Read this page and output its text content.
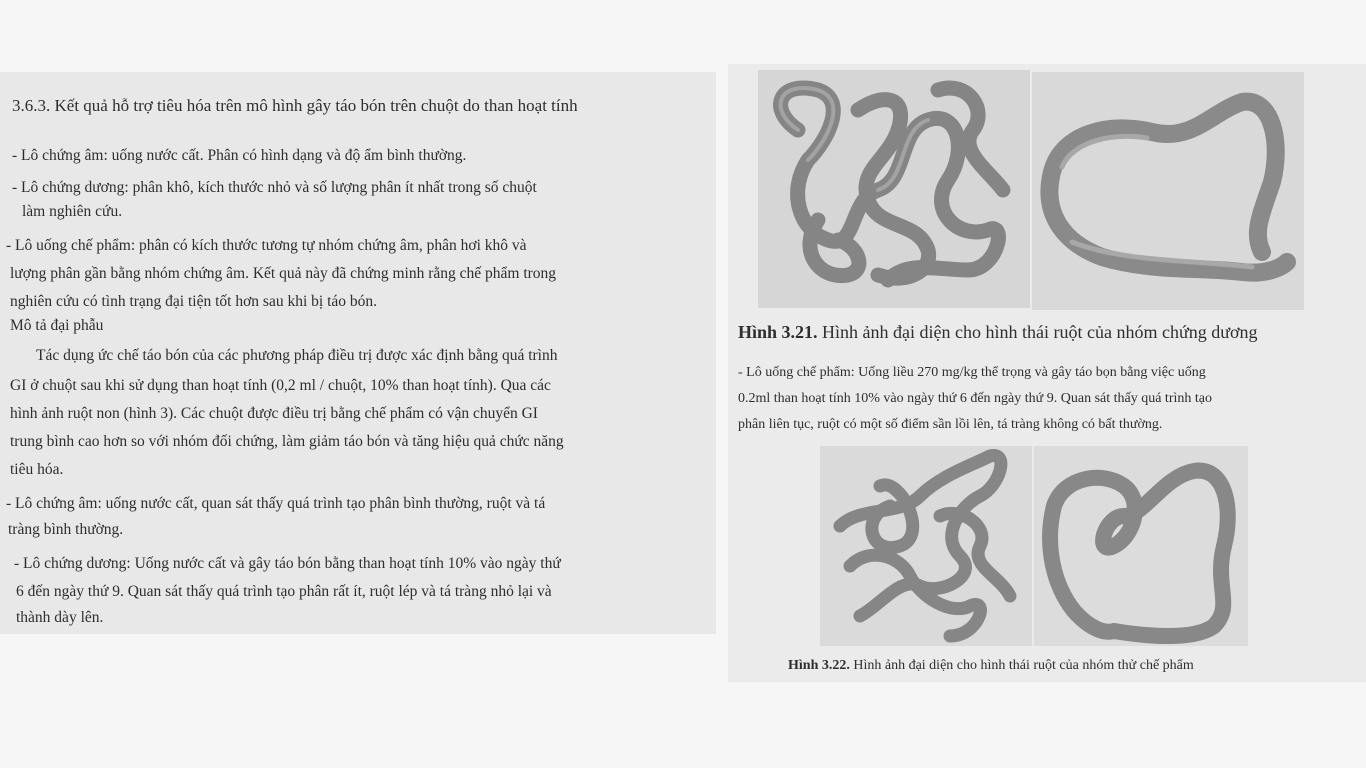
3.6.3. Kết quả hỗ trợ tiêu hóa trên mô hình gây táo bón trên chuột do than hoạt tính
- Lô chứng âm: uống nước cất. Phân có hình dạng và độ ẩm bình thường.
- Lô chứng dương: phân khô, kích thước nhỏ và số lượng phân ít nhất trong số chuột
làm nghiên cứu.
- Lô uống chế phẩm: phân có kích thước tương tự nhóm chứng âm, phân hơi khô và
lượng phân gần bằng nhóm chứng âm. Kết quả này đã chứng minh rằng chế phẩm trong
nghiên cứu có tình trạng đại tiện tốt hơn sau khi bị táo bón.
Mô tả đại phẫu
Tác dụng ức chế táo bón của các phương pháp điều trị được xác định bằng quá trình
GI ở chuột sau khi sử dụng than hoạt tính (0,2 ml / chuột, 10% than hoạt tính). Qua các
hình ảnh ruột non (hình 3). Các chuột được điều trị bằng chế phẩm có vận chuyển GI
trung bình cao hơn so với nhóm đối chứng, làm giảm táo bón và tăng hiệu quả chức năng
tiêu hóa.
- Lô chứng âm: uống nước cất, quan sát thấy quá trình tạo phân bình thường, ruột và tá
tràng bình thường.
- Lô chứng dương: Uống nước cất và gây táo bón bằng than hoạt tính 10% vào ngày thứ
6 đến ngày thứ 9. Quan sát thấy quá trình tạo phân rất ít, ruột lép và tá tràng nhỏ lại và
thành dày lên.
Hình 3.21. Hình ảnh đại diện cho hình thái ruột của nhóm chứng dương
- Lô uống chế phẩm: Uống liều 270 mg/kg thể trọng và gây táo bọn bằng việc uống
0.2ml than hoạt tính 10% vào ngày thứ 6 đến ngày thứ 9. Quan sát thấy quá trình tạo
phân liên tục, ruột có một số điểm sần lồi lên, tá tràng không có bất thường.
Hình 3.22. Hình ảnh đại diện cho hình thái ruột của nhóm thử chế phẩm
